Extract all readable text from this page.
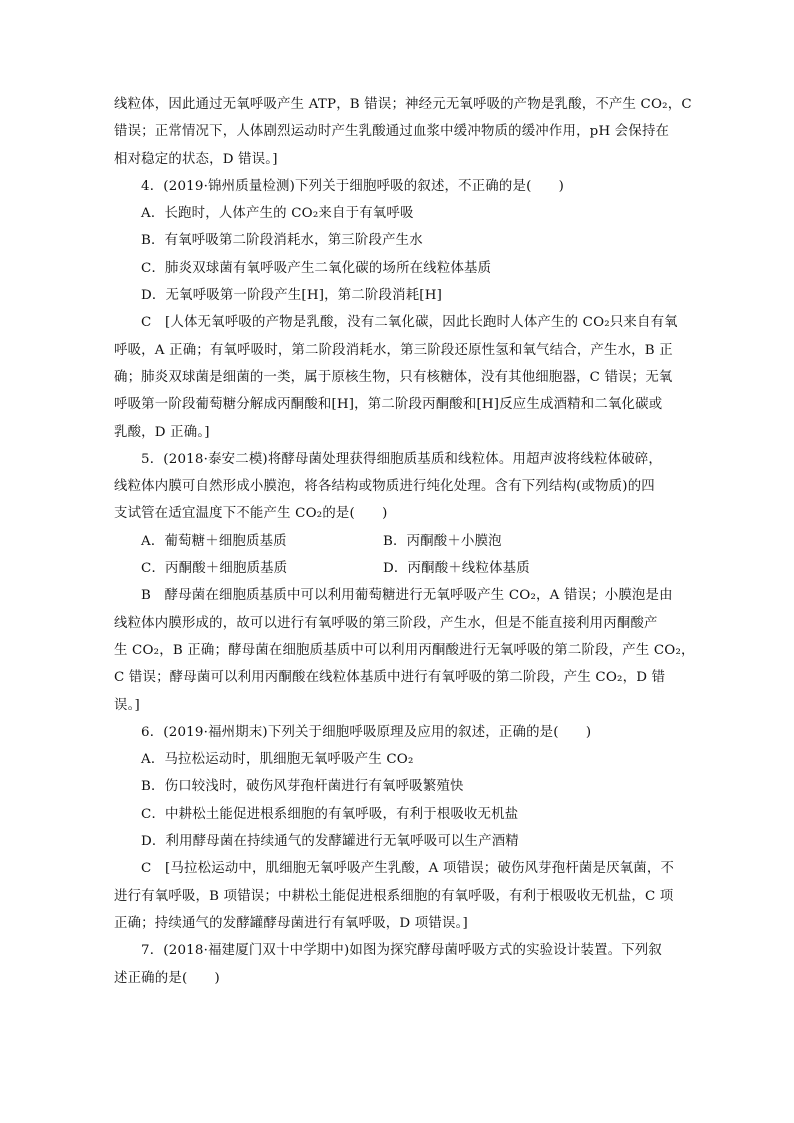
线粒体，因此通过无氧呼吸产生 ATP，B 错误；神经元无氧呼吸的产物是乳酸，不产生 CO₂，C
错误；正常情况下，人体剧烈运动时产生乳酸通过血浆中缓冲物质的缓冲作用，pH 会保持在
相对稳定的状态，D 错误。]
4．(2019·锦州质量检测)下列关于细胞呼吸的叙述，不正确的是(　　)
A．长跑时，人体产生的 CO₂来自于有氧呼吸
B．有氧呼吸第二阶段消耗水，第三阶段产生水
C．肺炎双球菌有氧呼吸产生二氧化碳的场所在线粒体基质
D．无氧呼吸第一阶段产生[H]，第二阶段消耗[H]
C　[人体无氧呼吸的产物是乳酸，没有二氧化碳，因此长跑时人体产生的 CO₂只来自有氧
呼吸，A 正确；有氧呼吸时，第二阶段消耗水，第三阶段还原性氢和氧气结合，产生水，B 正
确；肺炎双球菌是细菌的一类，属于原核生物，只有核糖体，没有其他细胞器，C 错误；无氧
呼吸第一阶段葡萄糖分解成丙酮酸和[H]，第二阶段丙酮酸和[H]反应生成酒精和二氧化碳或
乳酸，D 正确。]
5．(2018·泰安二模)将酵母菌处理获得细胞质基质和线粒体。用超声波将线粒体破碎，
线粒体内膜可自然形成小膜泡，将各结构或物质进行纯化处理。含有下列结构(或物质)的四
支试管在适宜温度下不能产生 CO₂的是(　　)
A．葡萄糖＋细胞质基质	B．丙酮酸＋小膜泡
C．丙酮酸＋细胞质基质	D．丙酮酸＋线粒体基质
B　酵母菌在细胞质基质中可以利用葡萄糖进行无氧呼吸产生 CO₂，A 错误；小膜泡是由
线粒体内膜形成的，故可以进行有氧呼吸的第三阶段，产生水，但是不能直接利用丙酮酸产
生 CO₂，B 正确；酵母菌在细胞质基质中可以利用丙酮酸进行无氧呼吸的第二阶段，产生 CO₂，
C 错误；酵母菌可以利用丙酮酸在线粒体基质中进行有氧呼吸的第二阶段，产生 CO₂，D 错
误。]
6．(2019·福州期末)下列关于细胞呼吸原理及应用的叙述，正确的是(　　)
A．马拉松运动时，肌细胞无氧呼吸产生 CO₂
B．伤口较浅时，破伤风芽孢杆菌进行有氧呼吸繁殖快
C．中耕松土能促进根系细胞的有氧呼吸，有利于根吸收无机盐
D．利用酵母菌在持续通气的发酵罐进行无氧呼吸可以生产酒精
C　[马拉松运动中，肌细胞无氧呼吸产生乳酸，A 项错误；破伤风芽孢杆菌是厌氧菌，不
进行有氧呼吸，B 项错误；中耕松土能促进根系细胞的有氧呼吸，有利于根吸收无机盐，C 项
正确；持续通气的发酵罐酵母菌进行有氧呼吸，D 项错误。]
7．(2018·福建厦门双十中学期中)如图为探究酵母菌呼吸方式的实验设计装置。下列叙
述正确的是(　　)
